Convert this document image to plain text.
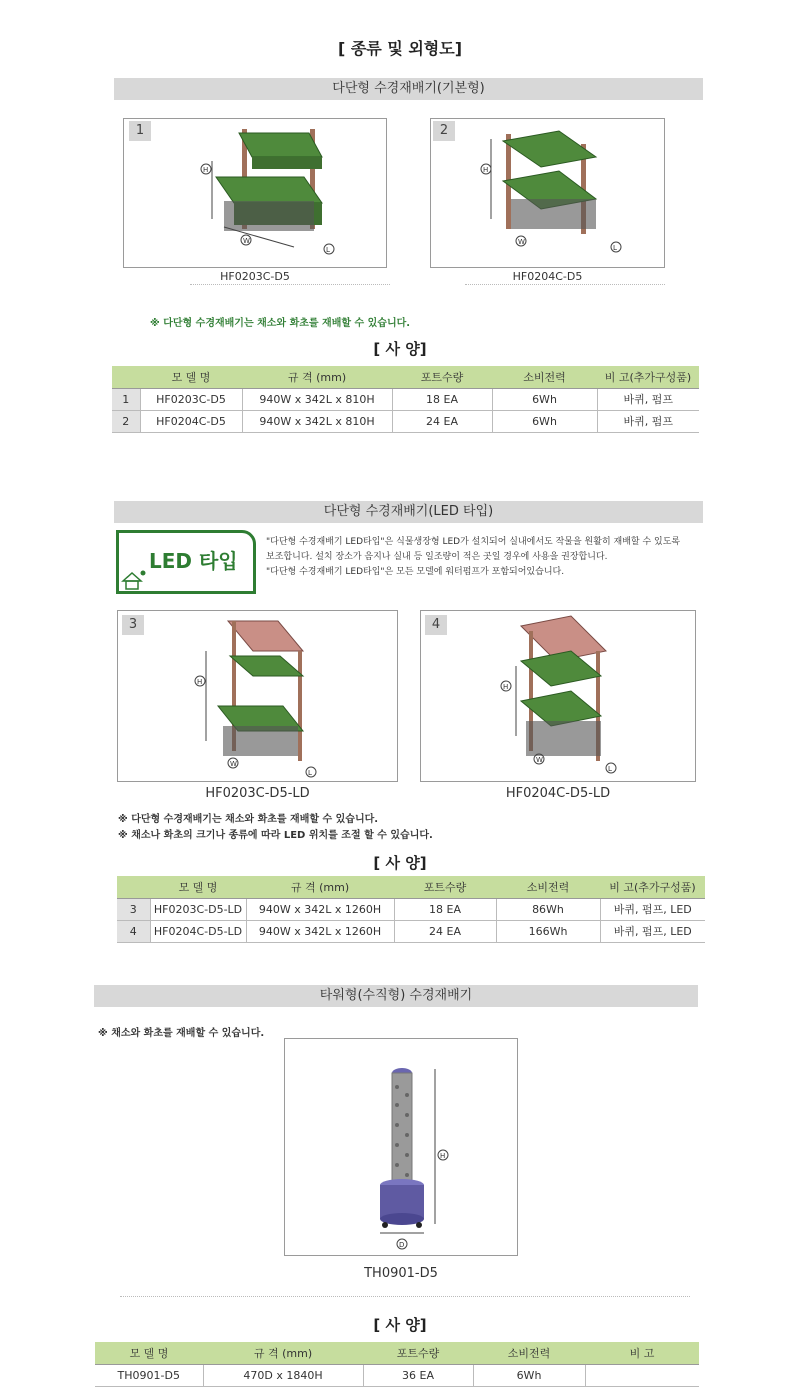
[ 종류 및 외형도]
다단형 수경재배기(기본형)
1
H
W
L
HF0203C-D5
2
H
W
L
HF0204C-D5
※ 다단형 수경재배기는 채소와 화초를 재배할 수 있습니다.
[ 사 양]
	모 델 명	규 격 (mm)	포트수량	소비전력	비 고(추가구성품)
1	HF0203C-D5	940W x 342L x 810H	18 EA	6Wh	바퀴, 펌프
2	HF0204C-D5	940W x 342L x 810H	24 EA	6Wh	바퀴, 펌프
다단형 수경재배기(LED 타입)
LED 타입
"다단형 수경재배기 LED타입"은 식물생장형 LED가 설치되어 실내에서도 작물을 원활히 재배할 수 있도록
보조합니다. 설치 장소가 음지나 실내 등 일조량이 적은 곳일 경우에 사용을 권장합니다.
"다단형 수경재배기 LED타입"은 모든 모델에 워터펌프가 포함되어있습니다.
3
H
W
L
HF0203C-D5-LD
4
H
W
L
HF0204C-D5-LD
※ 다단형 수경재배기는 채소와 화초를 재배할 수 있습니다.
※ 채소나 화초의 크기나 종류에 따라 LED 위치를 조절 할 수 있습니다.
[ 사 양]
	모 델 명	규 격 (mm)	포트수량	소비전력	비 고(추가구성품)
3	HF0203C-D5-LD	940W x 342L x 1260H	18 EA	86Wh	바퀴, 펌프, LED
4	HF0204C-D5-LD	940W x 342L x 1260H	24 EA	166Wh	바퀴, 펌프, LED
타워형(수직형) 수경재배기
※ 채소와 화초를 재배할 수 있습니다.
H
D
TH0901-D5
[ 사 양]
모 델 명	규 격 (mm)	포트수량	소비전력	비 고
TH0901-D5	470D x 1840H	36 EA	6Wh	
